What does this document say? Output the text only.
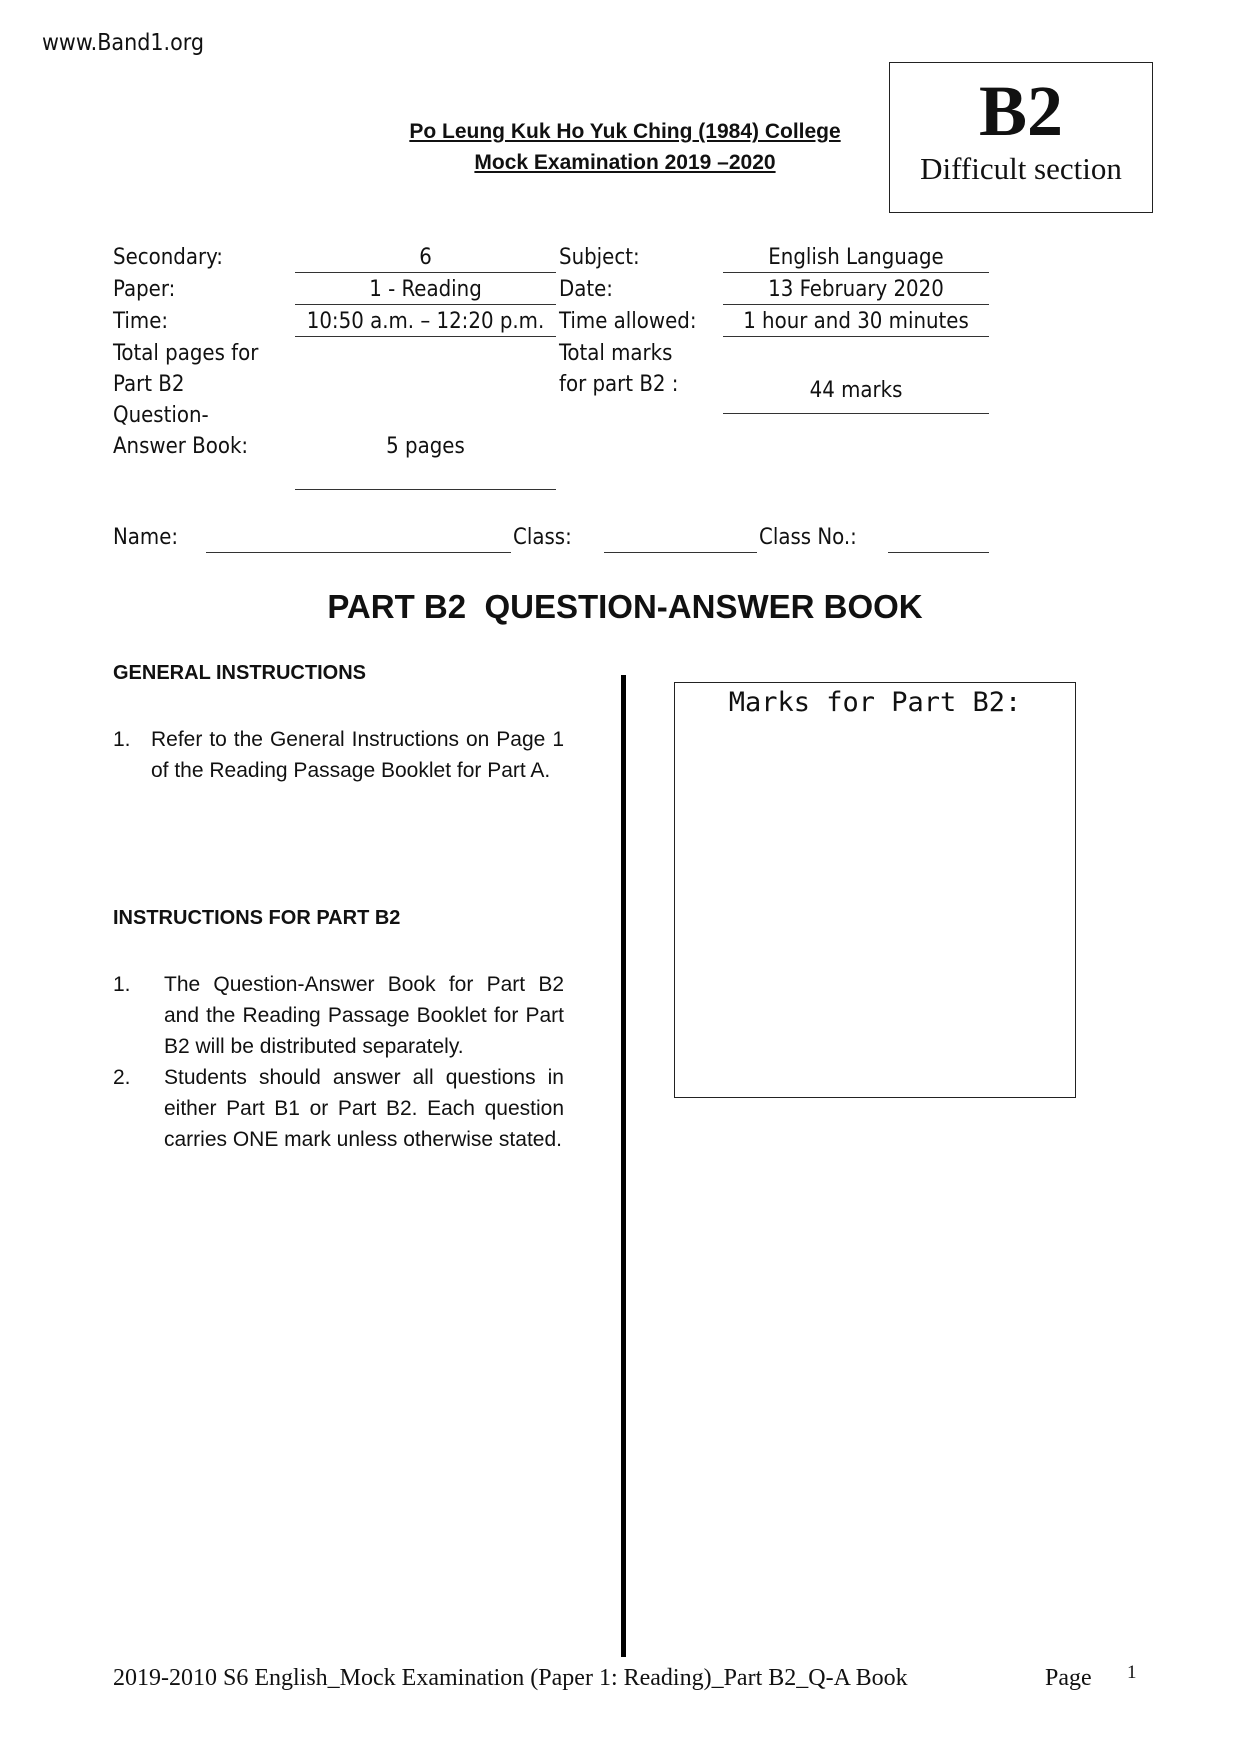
www.Band1.org
B2
Difficult section
Po Leung Kuk Ho Yuk Ching (1984) College
Mock Examination 2019 –2020
Secondary:	6	Subject:	English Language
Paper:	1 - Reading	Date:	13 February 2020
Time:	10:50 a.m. – 12:20 p.m. Time allowed:	1 hour and 30 minutes
Total pages for
Part B2
Question-
Answer Book:	5 pages
Total marks
for part B2 :	44 marks
Name:	Class:	Class No.:
PART B2  QUESTION-ANSWER BOOK
GENERAL INSTRUCTIONS
1. Refer to the General Instructions on Page 1 of the Reading Passage Booklet for Part A.
INSTRUCTIONS FOR PART B2
1. The Question-Answer Book for Part B2 and the Reading Passage Booklet for Part B2 will be distributed separately.
2. Students should answer all questions in either Part B1 or Part B2. Each question carries ONE mark unless otherwise stated.
Marks for Part B2:
2019-2010 S6 English_Mock Examination (Paper 1: Reading)_Part B2_Q-A Book	Page 1
